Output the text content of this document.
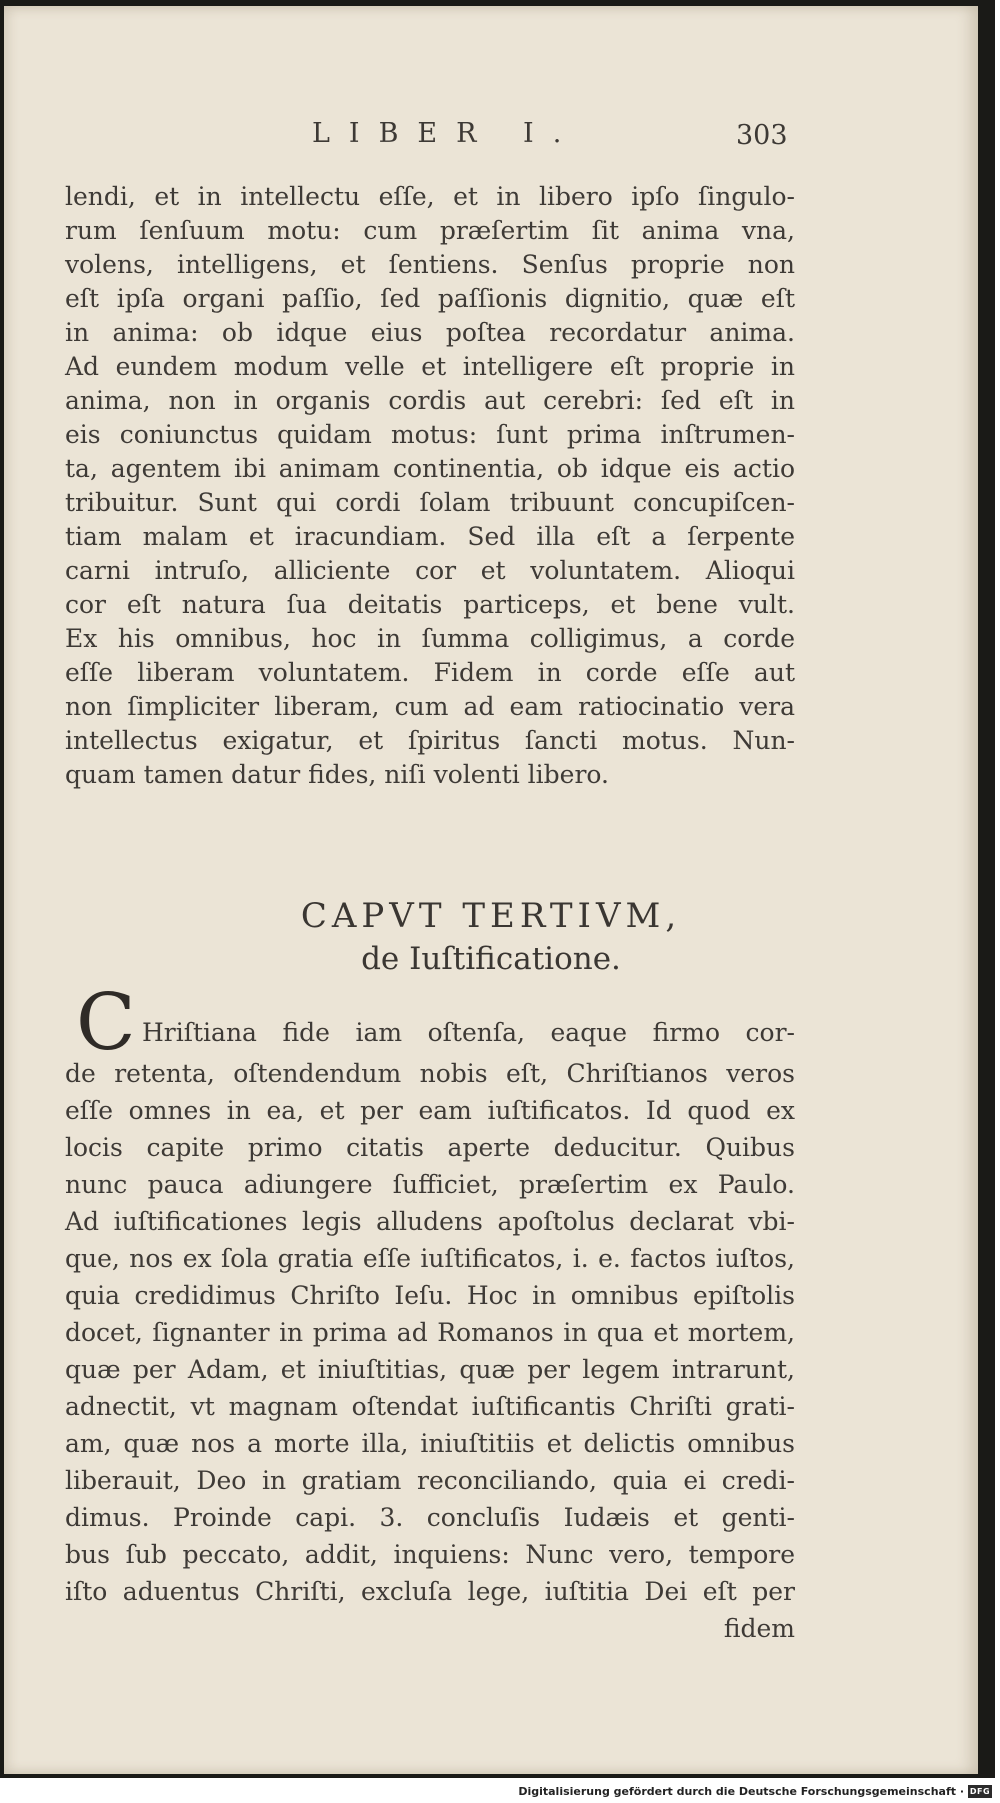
LIBER I.	303
lendi, et in intellectu eſſe, et in libero ipſo ſingulo-
rum ſenſuum motu: cum præſertim ſit anima vna,
volens, intelligens, et ſentiens. Senſus proprie non
eſt ipſa organi paſſio, ſed paſſionis dignitio, quæ eſt
in anima: ob idque eius poſtea recordatur anima.
Ad eundem modum velle et intelligere eſt proprie in
anima, non in organis cordis aut cerebri: ſed eſt in
eis coniunctus quidam motus: ſunt prima inſtrumen-
ta, agentem ibi animam continentia, ob idque eis actio
tribuitur. Sunt qui cordi ſolam tribuunt concupiſcen-
tiam malam et iracundiam. Sed illa eſt a ſerpente
carni intruſo, alliciente cor et voluntatem. Alioqui
cor eſt natura ſua deitatis particeps, et bene vult.
Ex his omnibus, hoc in ſumma colligimus, a corde
eſſe liberam voluntatem. Fidem in corde eſſe aut
non ſimpliciter liberam, cum ad eam ratiocinatio vera
intellectus exigatur, et ſpiritus ſancti motus. Nun-
quam tamen datur fides, niſi volenti libero.
CAPVT TERTIVM,
de Iuſtificatione.
C Hriſtiana fide iam oſtenſa, eaque firmo cor-
de retenta, oſtendendum nobis eſt, Chriſtianos veros
eſſe omnes in ea, et per eam iuſtificatos. Id quod ex
locis capite primo citatis aperte deducitur. Quibus
nunc pauca adiungere ſufficiet, præſertim ex Paulo.
Ad iuſtificationes legis alludens apoſtolus declarat vbi-
que, nos ex ſola gratia eſſe iuſtificatos, i. e. factos iuſtos,
quia credidimus Chriſto Ieſu. Hoc in omnibus epiſtolis
docet, ſignanter in prima ad Romanos in qua et mortem,
quæ per Adam, et iniuſtitias, quæ per legem intrarunt,
adnectit, vt magnam oſtendat iuſtificantis Chriſti grati-
am, quæ nos a morte illa, iniuſtitiis et delictis omnibus
liberauit, Deo in gratiam reconciliando, quia ei credi-
dimus. Proinde capi. 3. concluſis Iudæis et genti-
bus ſub peccato, addit, inquiens: Nunc vero, tempore
iſto aduentus Chriſti, excluſa lege, iuſtitia Dei eſt per
fidem
Digitalisierung gefördert durch die Deutsche Forschungsgemeinschaft · DFG
